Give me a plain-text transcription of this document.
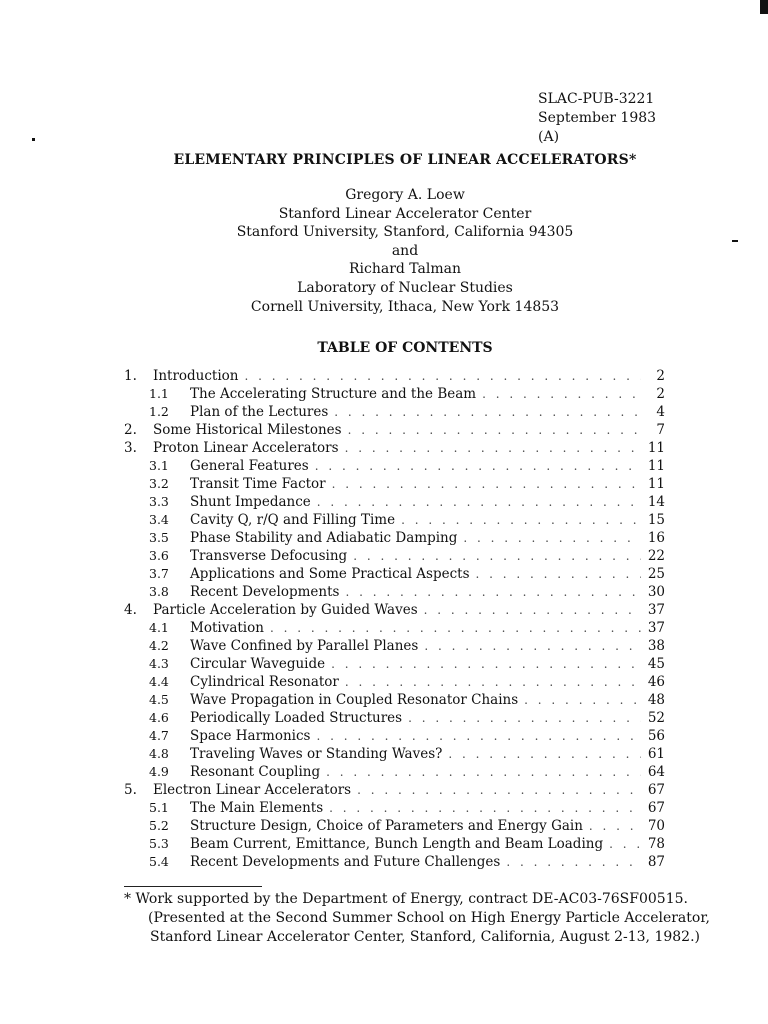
SLAC-PUB-3221
September 1983
(A)
ELEMENTARY PRINCIPLES OF LINEAR ACCELERATORS*
Gregory A. Loew
Stanford Linear Accelerator Center
Stanford University, Stanford, California 94305
and
Richard Talman
Laboratory of Nuclear Studies
Cornell University, Ithaca, New York 14853
TABLE OF CONTENTS
1.	Introduction . . .	2
1.1	The Accelerating Structure and the Beam . . .	2
1.2	Plan of the Lectures . . .	4
2.	Some Historical Milestones . . .	7
3.	Proton Linear Accelerators . . .	11
3.1	General Features . . .	11
3.2	Transit Time Factor . . .	11
3.3	Shunt Impedance . . .	14
3.4	Cavity Q, r/Q and Filling Time . . .	15
3.5	Phase Stability and Adiabatic Damping . . .	16
3.6	Transverse Defocusing . . .	22
3.7	Applications and Some Practical Aspects . . .	25
3.8	Recent Developments . . .	30
4.	Particle Acceleration by Guided Waves . . .	37
4.1	Motivation . . .	37
4.2	Wave Confined by Parallel Planes . . .	38
4.3	Circular Waveguide . . .	45
4.4	Cylindrical Resonator . . .	46
4.5	Wave Propagation in Coupled Resonator Chains . . .	48
4.6	Periodically Loaded Structures . . .	52
4.7	Space Harmonics . . .	56
4.8	Traveling Waves or Standing Waves? . . .	61
4.9	Resonant Coupling . . .	64
5.	Electron Linear Accelerators . . .	67
5.1	The Main Elements . . .	67
5.2	Structure Design, Choice of Parameters and Energy Gain . . .	70
5.3	Beam Current, Emittance, Bunch Length and Beam Loading . . .	78
5.4	Recent Developments and Future Challenges . . .	87
* Work supported by the Department of Energy, contract DE-AC03-76SF00515.
(Presented at the Second Summer School on High Energy Particle Accelerator,
Stanford Linear Accelerator Center, Stanford, California, August 2-13, 1982.)
